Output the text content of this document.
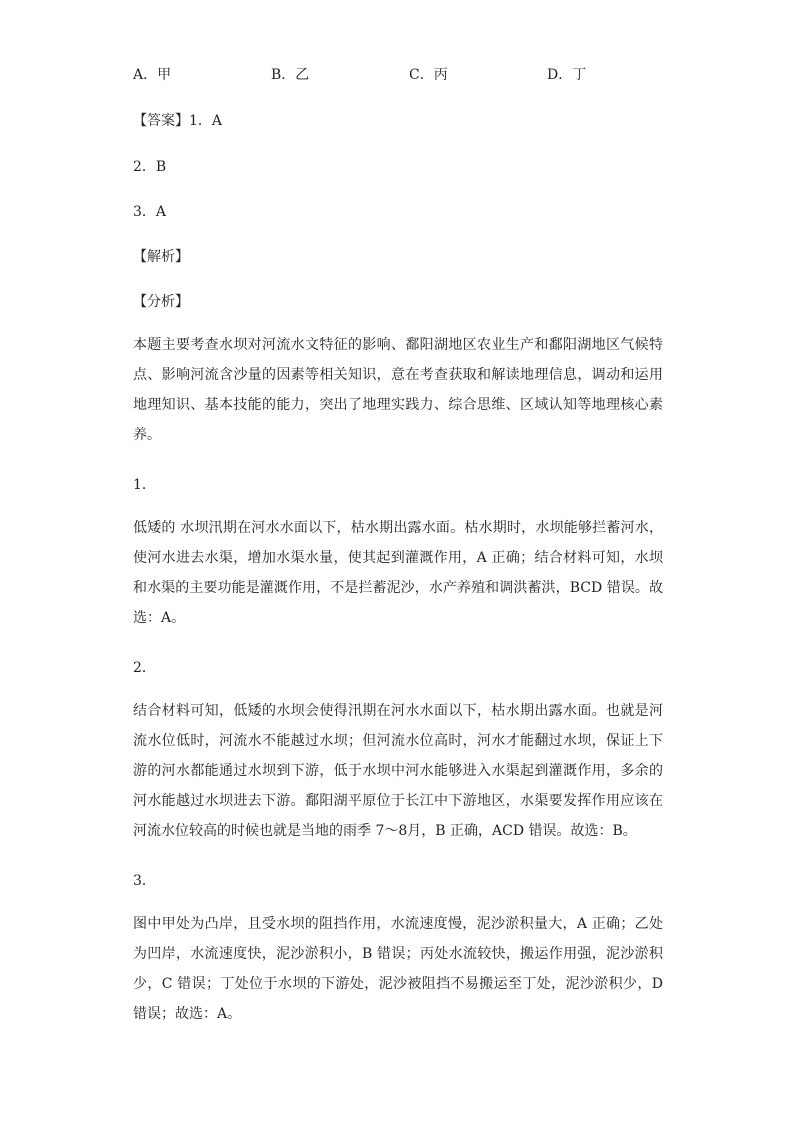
A．甲	B．乙	C．丙	D．丁
【答案】1．A
2．B
3．A
【解析】
【分析】
本题主要考查水坝对河流水文特征的影响、鄱阳湖地区农业生产和鄱阳湖地区气候特点、影响河流含沙量的因素等相关知识，意在考查获取和解读地理信息，调动和运用地理知识、基本技能的能力，突出了地理实践力、综合思维、区域认知等地理核心素养。
1．
低矮的 水坝汛期在河水水面以下，枯水期出露水面。枯水期时，水坝能够拦蓄河水，使河水进去水渠，增加水渠水量，使其起到灌溉作用，A 正确；结合材料可知，水坝和水渠的主要功能是灌溉作用，不是拦蓄泥沙，水产养殖和调洪蓄洪，BCD 错误。故选：A。
2．
结合材料可知，低矮的水坝会使得汛期在河水水面以下，枯水期出露水面。也就是河流水位低时，河流水不能越过水坝；但河流水位高时，河水才能翻过水坝，保证上下游的河水都能通过水坝到下游，低于水坝中河水能够进入水渠起到灌溉作用，多余的河水能越过水坝进去下游。鄱阳湖平原位于长江中下游地区，水渠要发挥作用应该在河流水位较高的时候也就是当地的雨季 7～8月，B 正确，ACD 错误。故选：B。
3．
图中甲处为凸岸，且受水坝的阻挡作用，水流速度慢，泥沙淤积量大，A 正确；乙处为凹岸，水流速度快，泥沙淤积小，B 错误；丙处水流较快，搬运作用强，泥沙淤积少，C 错误；丁处位于水坝的下游处，泥沙被阻挡不易搬运至丁处，泥沙淤积少，D 错误；故选：A。
